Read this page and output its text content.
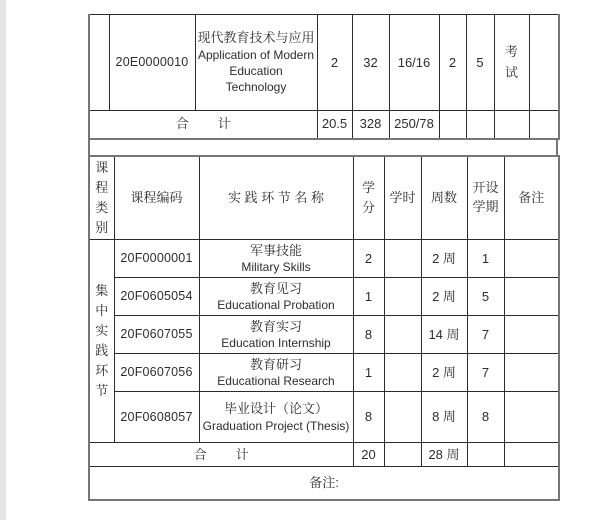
	20E0000010	现代教育技术与应用
Application of Modern Education Technology	2	32	16/16	2	5	考试	

合        计			20.5	328	250/78				
课程类别	课程编码	实 践 环 节 名 称	学分	学时	周数	开设学期	备注

集中实践环节	20F0000001	军事技能
Military Skills	2		2 周	1	
	20F0605054	教育见习
Educational Probation	1		2 周	5	
	20F0607055	教育实习
Education Internship	8		14 周	7	
	20F0607056	教育研习
Educational Research	1		2 周	7	
	20F0608057	毕业设计（论文）
Graduation Project (Thesis)	8		8 周	8	
合        计			20		28 周		
备注:							
